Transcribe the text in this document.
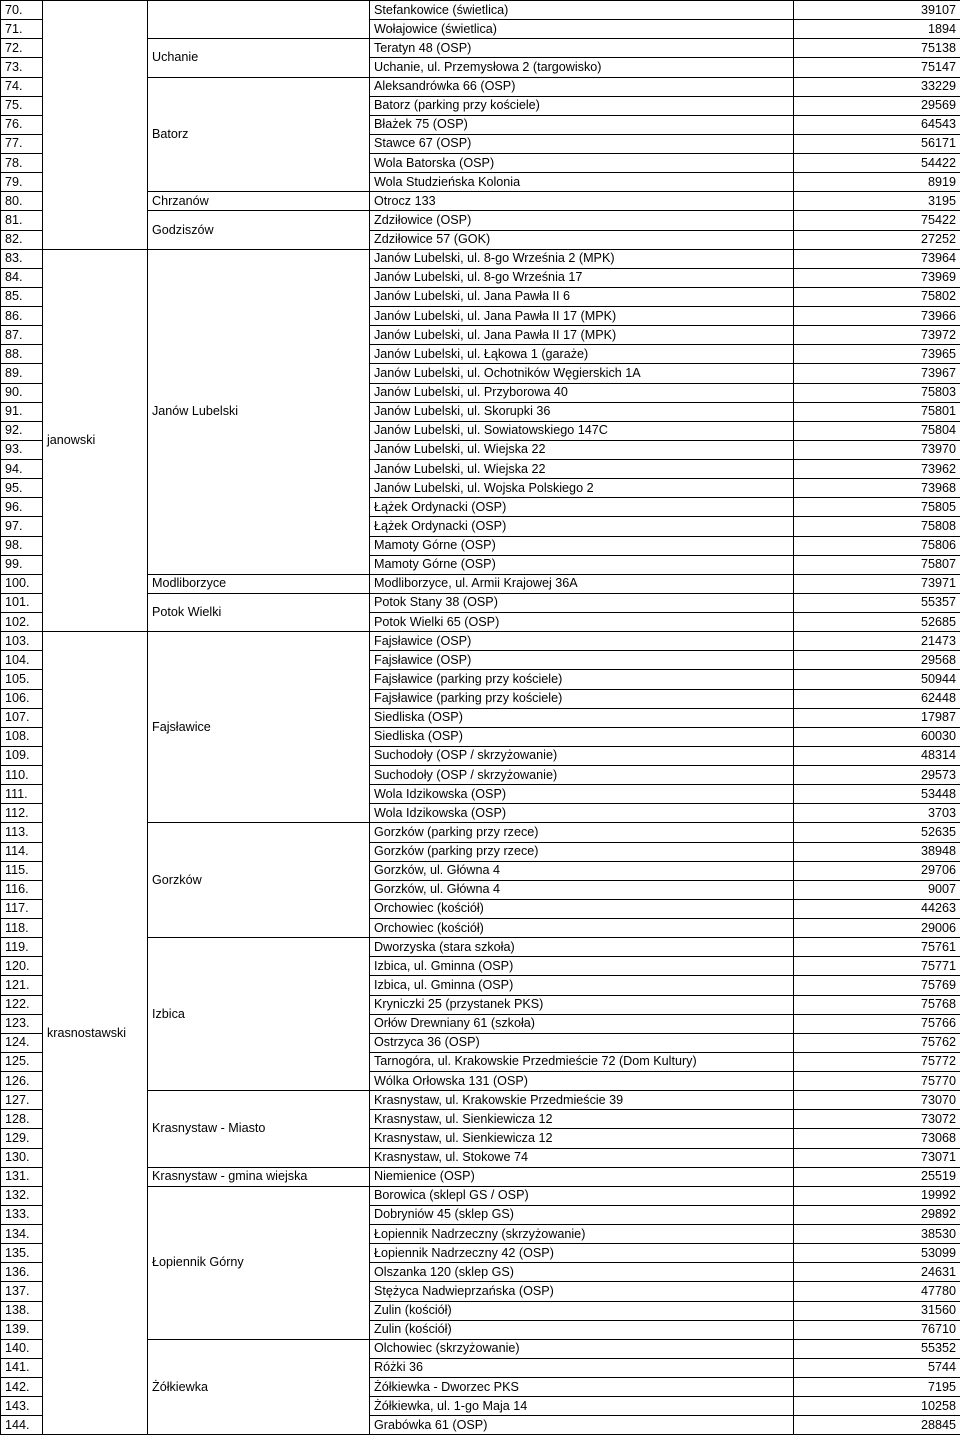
70.			Stefankowice (świetlica)	39107
71.			Wołajowice (świetlica)	1894
72.		Uchanie	Teratyn 48 (OSP)	75138
73.			Uchanie, ul. Przemysłowa 2 (targowisko)	75147
74.		Batorz	Aleksandrówka 66 (OSP)	33229
75.			Batorz (parking przy kościele)	29569
76.			Błażek 75 (OSP)	64543
77.			Stawce 67 (OSP)	56171
78.			Wola Batorska (OSP)	54422
79.			Wola Studzieńska Kolonia	8919
80.		Chrzanów	Otrocz 133	3195
81.		Godziszów	Zdziłowice (OSP)	75422
82.			Zdziłowice 57 (GOK)	27252
83.	janowski	Janów Lubelski	Janów Lubelski, ul. 8-go Września 2 (MPK)	73964
84.			Janów Lubelski, ul. 8-go Września 17	73969
85.			Janów Lubelski, ul. Jana Pawła II 6	75802
86.			Janów Lubelski, ul. Jana Pawła II 17 (MPK)	73966
87.			Janów Lubelski, ul. Jana Pawła II 17 (MPK)	73972
88.			Janów Lubelski, ul. Łąkowa 1 (garaże)	73965
89.			Janów Lubelski, ul. Ochotników Węgierskich 1A	73967
90.			Janów Lubelski, ul. Przyborowa 40	75803
91.			Janów Lubelski, ul. Skorupki 36	75801
92.			Janów Lubelski, ul. Sowiatowskiego 147C	75804
93.			Janów Lubelski, ul. Wiejska 22	73970
94.			Janów Lubelski, ul. Wiejska 22	73962
95.			Janów Lubelski, ul. Wojska Polskiego 2	73968
96.			Łążek Ordynacki (OSP)	75805
97.			Łążek Ordynacki (OSP)	75808
98.			Mamoty Górne (OSP)	75806
99.			Mamoty Górne (OSP)	75807
100.		Modliborzyce	Modliborzyce, ul. Armii Krajowej 36A	73971
101.		Potok Wielki	Potok Stany 38 (OSP)	55357
102.			Potok Wielki 65 (OSP)	52685
103.	krasnostawski	Fajsławice	Fajsławice (OSP)	21473
104.			Fajsławice (OSP)	29568
105.			Fajsławice (parking przy kościele)	50944
106.			Fajsławice (parking przy kościele)	62448
107.			Siedliska (OSP)	17987
108.			Siedliska (OSP)	60030
109.			Suchodoły (OSP / skrzyżowanie)	48314
110.			Suchodoły (OSP / skrzyżowanie)	29573
111.			Wola Idzikowska (OSP)	53448
112.			Wola Idzikowska (OSP)	3703
113.		Gorzków	Gorzków (parking przy rzece)	52635
114.			Gorzków (parking przy rzece)	38948
115.			Gorzków, ul. Główna 4	29706
116.			Gorzków, ul. Główna 4	9007
117.			Orchowiec (kościół)	44263
118.			Orchowiec (kościół)	29006
119.		Izbica	Dworzyska (stara szkoła)	75761
120.			Izbica, ul. Gminna (OSP)	75771
121.			Izbica, ul. Gminna (OSP)	75769
122.			Kryniczki 25 (przystanek PKS)	75768
123.			Orłów Drewniany 61 (szkoła)	75766
124.			Ostrzyca 36 (OSP)	75762
125.			Tarnogóra, ul. Krakowskie Przedmieście 72 (Dom Kultury)	75772
126.			Wólka Orłowska 131 (OSP)	75770
127.		Krasnystaw - Miasto	Krasnystaw, ul. Krakowskie Przedmieście 39	73070
128.			Krasnystaw, ul. Sienkiewicza 12	73072
129.			Krasnystaw, ul. Sienkiewicza 12	73068
130.			Krasnystaw, ul. Stokowe 74	73071
131.		Krasnystaw - gmina wiejska	Niemienice (OSP)	25519
132.		Łopiennik Górny	Borowica (sklepl GS / OSP)	19992
133.			Dobryniów 45 (sklep GS)	29892
134.			Łopiennik Nadrzeczny (skrzyżowanie)	38530
135.			Łopiennik Nadrzeczny 42 (OSP)	53099
136.			Olszanka 120 (sklep GS)	24631
137.			Stężyca Nadwieprzańska (OSP)	47780
138.			Zulin (kościół)	31560
139.			Zulin (kościół)	76710
140.		Żółkiewka	Olchowiec (skrzyżowanie)	55352
141.			Różki 36	5744
142.			Żółkiewka - Dworzec PKS	7195
143.			Żółkiewka, ul. 1-go Maja 14	10258
144.			Grabówka 61 (OSP)	28845
